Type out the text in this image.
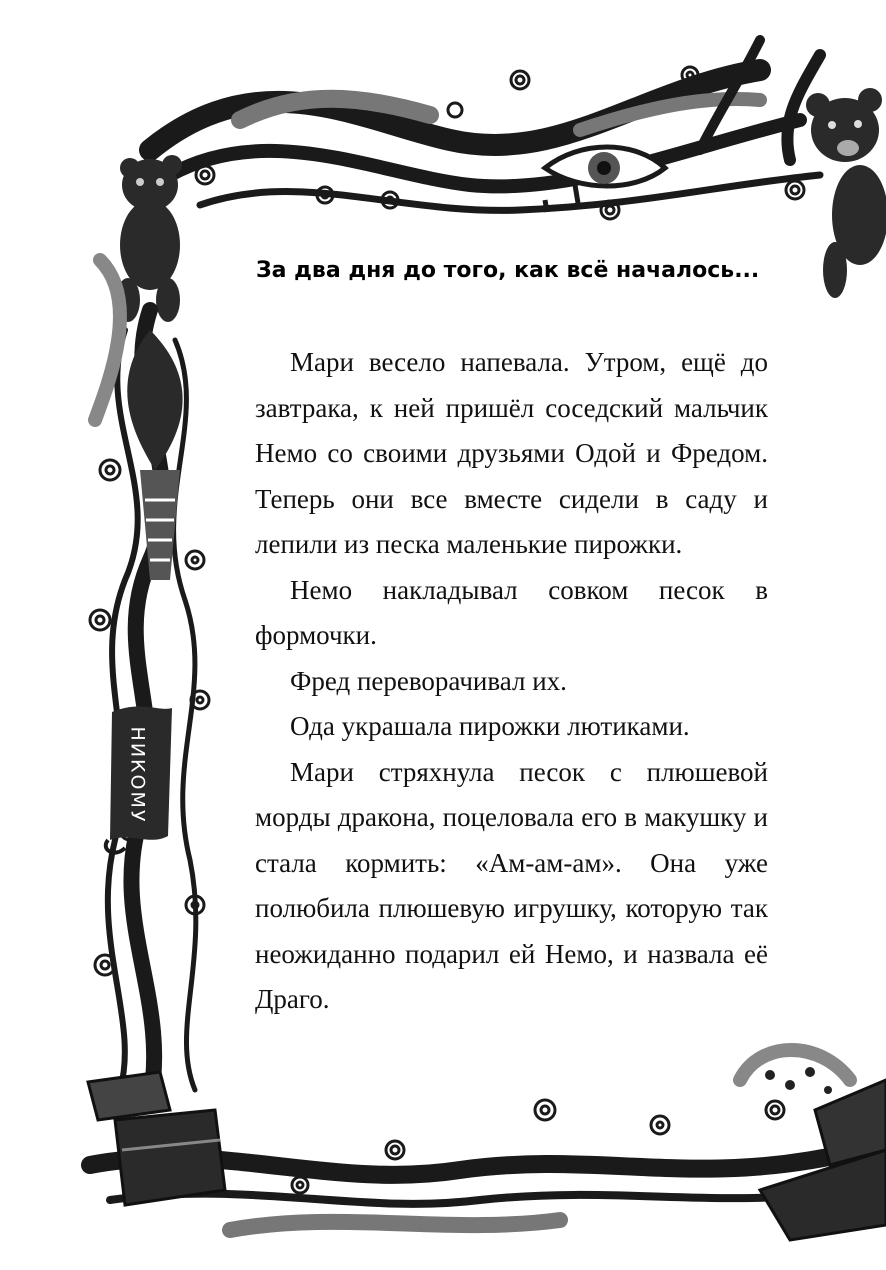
НИКОМУ
За два дня до того, как всё началось...

Мари весело напевала. Утром, ещё до завтрака, к ней пришёл соседский мальчик Немо со своими друзьями Одой и Фредом. Теперь они все вместе сидели в саду и лепили из песка маленькие пирожки.

Немо накладывал совком песок в формочки.

Фред переворачивал их.

Ода украшала пирожки лютиками.

Мари стряхнула песок с плюшевой морды дракона, поцеловала его в макушку и стала кормить: «Ам-ам-ам». Она уже полюбила плюшевую игрушку, которую так неожиданно подарил ей Немо, и назвала её Драго.
